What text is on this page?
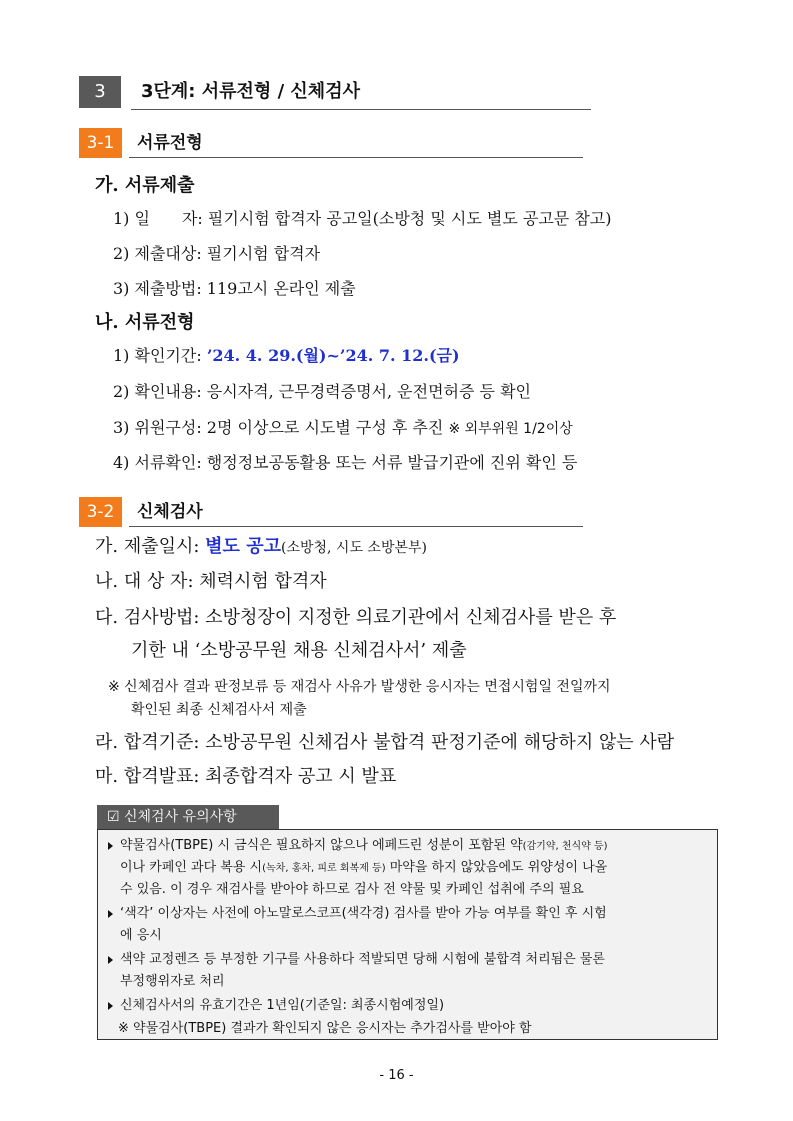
3	3단계: 서류전형 / 신체검사
3-1	서류전형
가. 서류제출
1) 일　　자: 필기시험 합격자 공고일(소방청 및 시도 별도 공고문 참고)
2) 제출대상: 필기시험 합격자
3) 제출방법: 119고시 온라인 제출
나. 서류전형
1) 확인기간: ’24. 4. 29.(월)~’24. 7. 12.(금)
2) 확인내용: 응시자격, 근무경력증명서, 운전면허증 등 확인
3) 위원구성: 2명 이상으로 시도별 구성 후 추진 ※ 외부위원 1/2이상
4) 서류확인: 행정정보공동활용 또는 서류 발급기관에 진위 확인 등
3-2	신체검사
가. 제출일시: 별도 공고(소방청, 시도 소방본부)
나. 대 상 자: 체력시험 합격자
다. 검사방법: 소방청장이 지정한 의료기관에서 신체검사를 받은 후
기한 내 ‘소방공무원 채용 신체검사서’ 제출
※ 신체검사 결과 판정보류 등 재검사 사유가 발생한 응시자는 면접시험일 전일까지
확인된 최종 신체검사서 제출
라. 합격기준: 소방공무원 신체검사 불합격 판정기준에 해당하지 않는 사람
마. 합격발표: 최종합격자 공고 시 발표
☑ 신체검사 유의사항
약물검사(TBPE) 시 금식은 필요하지 않으나 에페드린 성분이 포함된 약(감기약, 천식약 등)
이나 카페인 과다 복용 시(녹차, 홍차, 피로 회복제 등) 마약을 하지 않았음에도 위양성이 나올
수 있음. 이 경우 재검사를 받아야 하므로 검사 전 약물 및 카페인 섭취에 주의 필요
‘색각’ 이상자는 사전에 아노말로스코프(색각경) 검사를 받아 가능 여부를 확인 후 시험
에 응시
색약 교정렌즈 등 부정한 기구를 사용하다 적발되면 당해 시험에 불합격 처리됨은 물론
부정행위자로 처리
신체검사서의 유효기간은 1년임(기준일: 최종시험예정일)
※ 약물검사(TBPE) 결과가 확인되지 않은 응시자는 추가검사를 받아야 함
- 16 -
